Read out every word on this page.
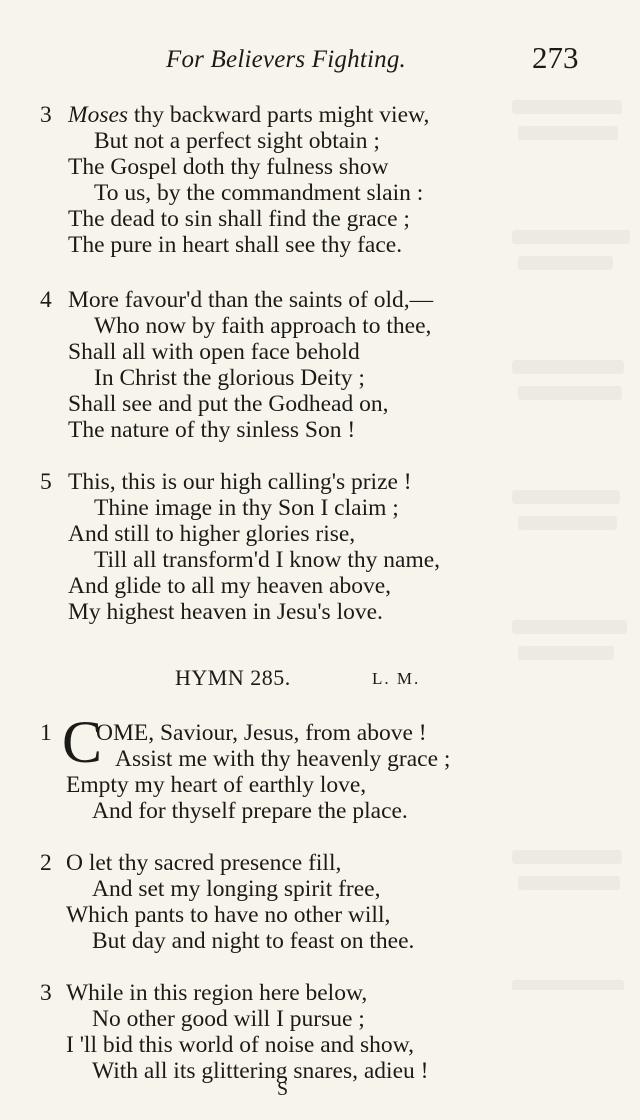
For Believers Fighting.	273
3 Moses thy backward parts might view,
But not a perfect sight obtain ;
The Gospel doth thy fulness show
To us, by the commandment slain :
The dead to sin shall find the grace ;
The pure in heart shall see thy face.
4 More favour'd than the saints of old,—
Who now by faith approach to thee,
Shall all with open face behold
In Christ the glorious Deity ;
Shall see and put the Godhead on,
The nature of thy sinless Son !
5 This, this is our high calling's prize !
Thine image in thy Son I claim ;
And still to higher glories rise,
Till all transform'd I know thy name,
And glide to all my heaven above,
My highest heaven in Jesu's love.
HYMN 285.	L. M.
1 C
OME, Saviour, Jesus, from above !
Assist me with thy heavenly grace ;
Empty my heart of earthly love,
And for thyself prepare the place.
2 O let thy sacred presence fill,
And set my longing spirit free,
Which pants to have no other will,
But day and night to feast on thee.
3 While in this region here below,
No other good will I pursue ;
I 'll bid this world of noise and show,
With all its glittering snares, adieu !
S
